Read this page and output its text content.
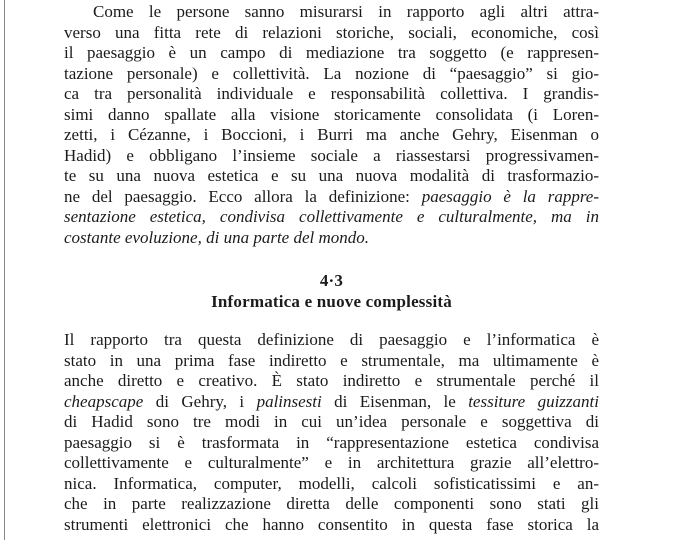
Come le persone sanno misurarsi in rapporto agli altri attra-
verso una fitta rete di relazioni storiche, sociali, economiche, così
il paesaggio è un campo di mediazione tra soggetto (e rappresen-
tazione personale) e collettività. La nozione di “paesaggio” si gio-
ca tra personalità individuale e responsabilità collettiva. I grandis-
simi danno spallate alla visione storicamente consolidata (i Loren-
zetti, i Cézanne, i Boccioni, i Burri ma anche Gehry, Eisenman o
Hadid) e obbligano l’insieme sociale a riassestarsi progressivamen-
te su una nuova estetica e su una nuova modalità di trasformazio-
ne del paesaggio. Ecco allora la definizione: paesaggio è la rappre-
sentazione estetica, condivisa collettivamente e culturalmente, ma in
costante evoluzione, di una parte del mondo.
4·3
Informatica e nuove complessità
Il rapporto tra questa definizione di paesaggio e l’informatica è
stato in una prima fase indiretto e strumentale, ma ultimamente è
anche diretto e creativo. È stato indiretto e strumentale perché il
cheapscape di Gehry, i palinsesti di Eisenman, le tessiture guizzanti
di Hadid sono tre modi in cui un’idea personale e soggettiva di
paesaggio si è trasformata in “rappresentazione estetica condivisa
collettivamente e culturalmente” e in architettura grazie all’elettro-
nica. Informatica, computer, modelli, calcoli sofisticatissimi e an-
che in parte realizzazione diretta delle componenti sono stati gli
strumenti elettronici che hanno consentito in questa fase storica la
